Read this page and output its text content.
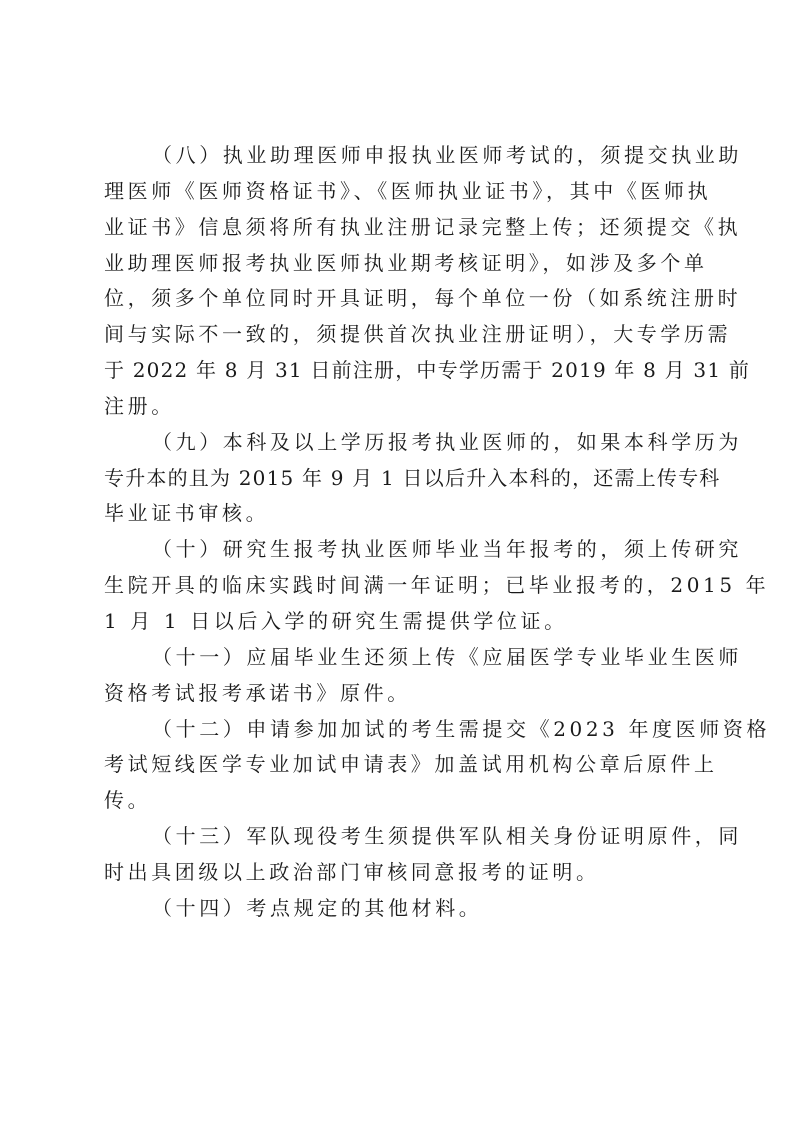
（八）执业助理医师申报执业医师考试的，须提交执业助
理医师《医师资格证书》、《医师执业证书》，其中《医师执
业证书》信息须将所有执业注册记录完整上传；还须提交《执
业助理医师报考执业医师执业期考核证明》，如涉及多个单
位，须多个单位同时开具证明，每个单位一份（如系统注册时
间与实际不一致的，须提供首次执业注册证明），大专学历需
于 2022 年 8 月 31 日前注册，中专学历需于 2019 年 8 月 31 前
注册。
（九）本科及以上学历报考执业医师的，如果本科学历为
专升本的且为 2015 年 9 月 1 日以后升入本科的，还需上传专科
毕业证书审核。
（十）研究生报考执业医师毕业当年报考的，须上传研究
生院开具的临床实践时间满一年证明；已毕业报考的，2015 年
1 月 1 日以后入学的研究生需提供学位证。
（十一）应届毕业生还须上传《应届医学专业毕业生医师
资格考试报考承诺书》原件。
（十二）申请参加加试的考生需提交《2023 年度医师资格
考试短线医学专业加试申请表》加盖试用机构公章后原件上
传。
（十三）军队现役考生须提供军队相关身份证明原件，同
时出具团级以上政治部门审核同意报考的证明。
（十四）考点规定的其他材料。
